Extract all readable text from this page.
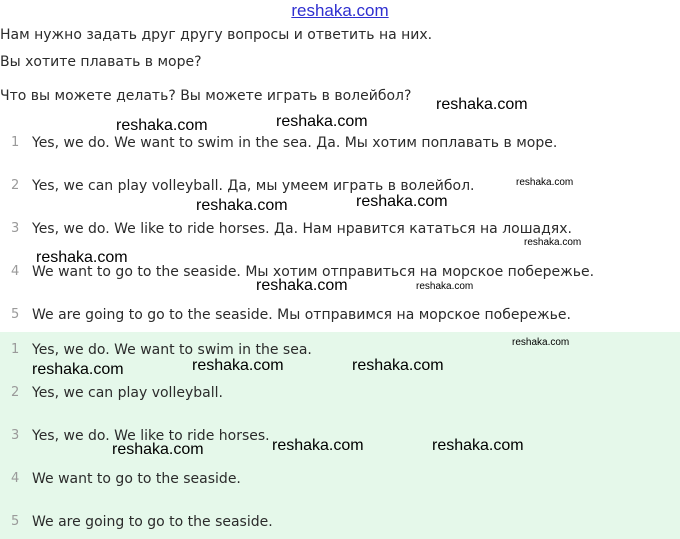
reshaka.com
Нам нужно задать друг другу вопросы и ответить на них.
Вы хотите плавать в море?
Что вы можете делать? Вы можете играть в волейбол?
1 Yes, we do. We want to swim in the sea. Да. Мы хотим поплавать в море.
2 Yes, we can play volleyball. Да, мы умеем играть в волейбол.
3 Yes, we do. We like to ride horses. Да. Нам нравится кататься на лошадях.
4 We want to go to the seaside. Мы хотим отправиться на морское побережье.
5 We are going to go to the seaside. Мы отправимся на морское побережье.
1 Yes, we do. We want to swim in the sea.
2 Yes, we can play volleyball.
3 Yes, we do. We like to ride horses.
4 We want to go to the seaside.
5 We are going to go to the seaside.
reshaka.com
reshaka.com	reshaka.com
reshaka.com
reshaka.com	reshaka.com
reshaka.com
reshaka.com
reshaka.com	reshaka.com
reshaka.com
reshaka.com	reshaka.com	reshaka.com
reshaka.com	reshaka.com	reshaka.com
